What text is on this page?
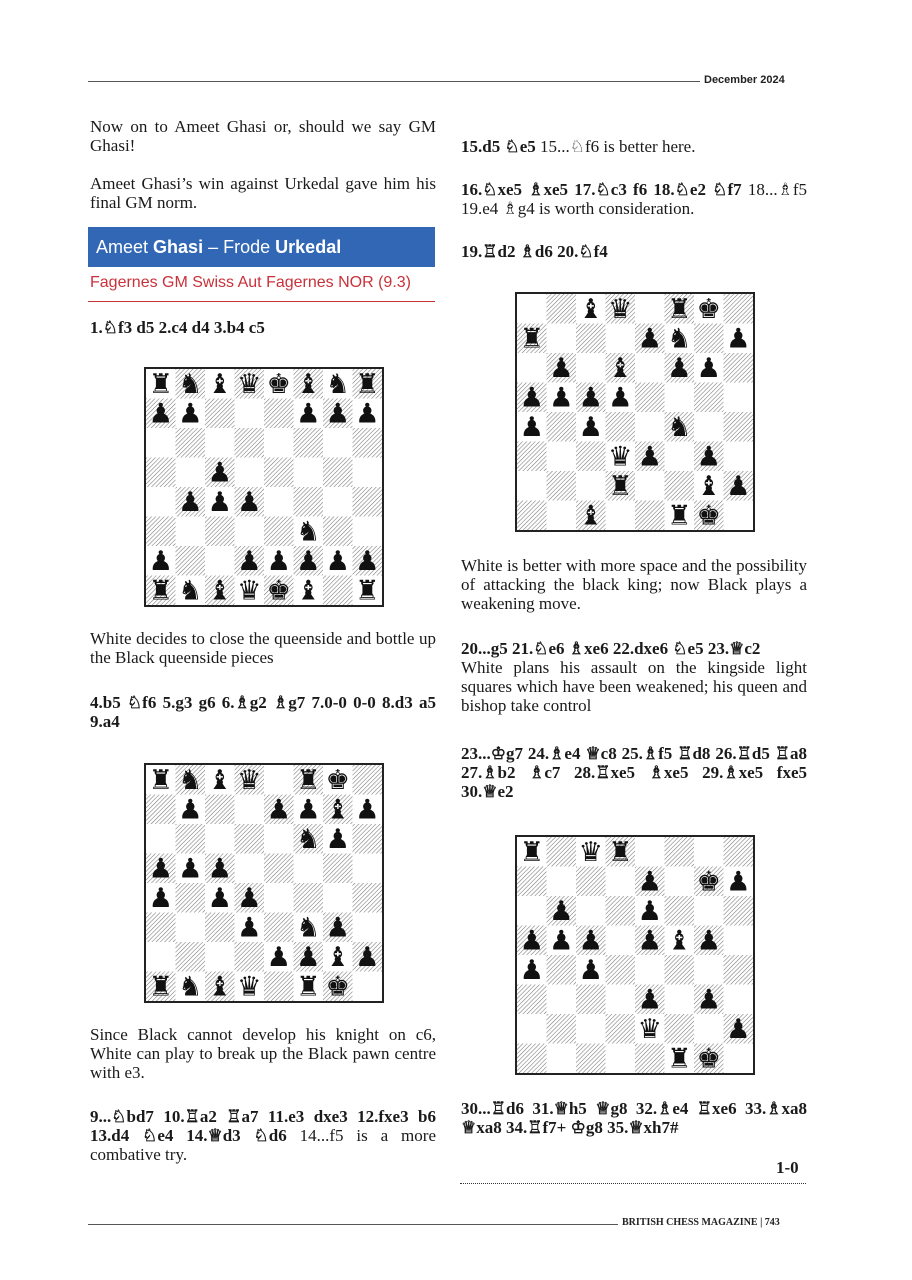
December 2024

Now on to Ameet Ghasi or, should we say GM Ghasi!

Ameet Ghasi’s win against Urkedal gave him his final GM norm.

Ameet Ghasi – Frode Urkedal
Fagernes GM Swiss Aut Fagernes NOR (9.3)
1.♘f3 d5 2.c4 d4 3.b4 c5
♜ ♞ ♝ ♛ ♚ ♝ ♞ ♜
♟ ♟	♟ ♟ ♟
♟
♟ ♟ ♟
♞
♟ ♟ ♟ ♟ ♟ ♟
♜ ♞ ♝ ♛ ♚ ♝ ♜

White decides to close the queenside and bottle up the Black queenside pieces

4.b5 ♘f6 5.g3 g6 6.♗g2 ♗g7 7.0-0 0-0 8.d3 a5 9.a4

♜ ♞ ♝ ♛ ♜ ♚
♟ ♟ ♟ ♝ ♟
♞ ♟
♟ ♟ ♟
♟ ♟ ♟
♟ ♞ ♟
♟ ♟ ♝ ♟
♜ ♞ ♝ ♛ ♜ ♚

Since Black cannot develop his knight on c6, White can play to break up the Black pawn centre with e3.

9...♘bd7 10.♖a2 ♖a7 11.e3 dxe3 12.fxe3 b6 13.d4 ♘e4 14.♕d3 ♘d6 14...f5 is a more combative try.

15.d5 ♘e5 15...♘f6 is better here.

16.♘xe5 ♗xe5 17.♘c3 f6 18.♘e2 ♘f7 18...♗f5 19.e4 ♗g4 is worth consideration.

19.♖d2 ♗d6 20.♘f4
♝ ♛ ♜ ♚
♜	♟ ♞ ♟
♟ ♝ ♟ ♟
♟ ♟ ♟ ♟
♟ ♟ ♞
♛ ♟ ♟
♜ ♝ ♟
♝ ♜ ♚

White is better with more space and the possibility of attacking the black king; now Black plays a weakening move.

20...g5 21.♘e6 ♗xe6 22.dxe6 ♘e5 23.♕c2

White plans his assault on the kingside light squares which have been weakened; his queen and bishop take control

23...♔g7 24.♗e4 ♕c8 25.♗f5 ♖d8 26.♖d5 ♖a8 27.♗b2 ♗c7 28.♖xe5 ♗xe5 29.♗xe5 fxe5 30.♕e2

♜ ♛ ♜
♟ ♚ ♟
♟ ♟
♟ ♟ ♟ ♟ ♝ ♟
♟ ♟
♟ ♟
♛ ♟
♜ ♚

30...♖d6 31.♕h5 ♕g8 32.♗e4 ♖xe6 33.♗xa8 ♕xa8 34.♖f7+ ♔g8 35.♕xh7#

1-0
BRITISH CHESS MAGAZINE | 743
